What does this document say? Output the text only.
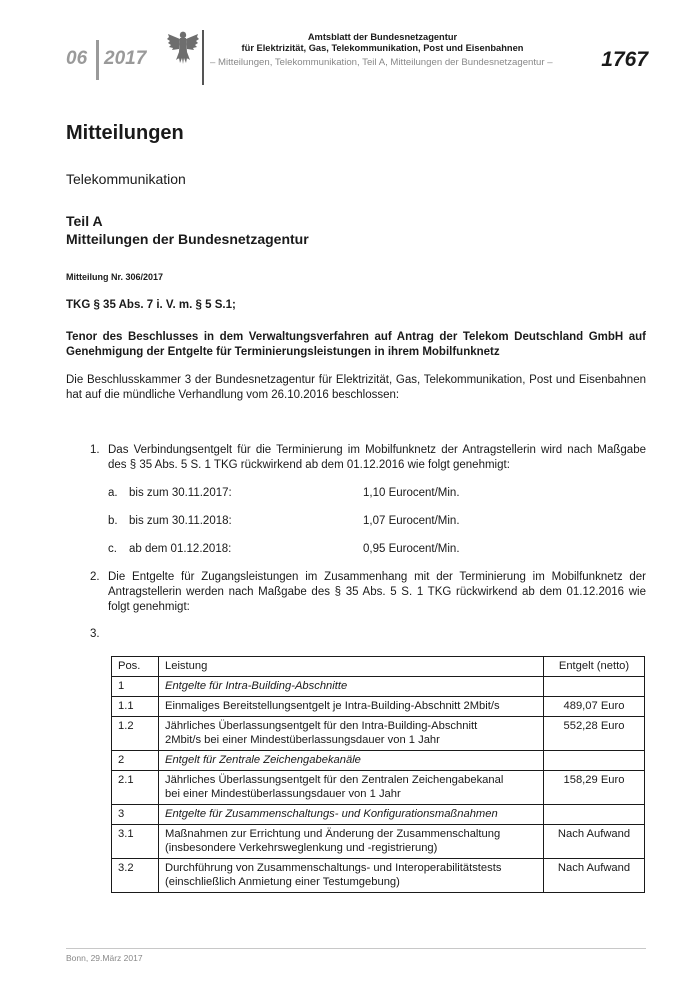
06 2017
Amtsblatt der Bundesnetzagentur
für Elektrizität, Gas, Telekommunikation, Post und Eisenbahnen
– Mitteilungen, Telekommunikation, Teil A, Mitteilungen der Bundesnetzagentur – 1767
Mitteilungen
Telekommunikation
Teil A
Mitteilungen der Bundesnetzagentur
Mitteilung Nr. 306/2017
TKG § 35 Abs. 7 i. V. m. § 5 S.1;
Tenor des Beschlusses in dem Verwaltungsverfahren auf Antrag der Telekom Deutschland GmbH auf Genehmigung der Entgelte für Terminierungsleistungen in ihrem Mobilfunknetz
Die Beschlusskammer 3 der Bundesnetzagentur für Elektrizität, Gas, Telekommunikation, Post und Eisenbahnen hat auf die mündliche Verhandlung vom 26.10.2016 beschlossen:
1. Das Verbindungsentgelt für die Terminierung im Mobilfunknetz der Antragstellerin wird nach Maßgabe des § 35 Abs. 5 S. 1 TKG rückwirkend ab dem 01.12.2016 wie folgt genehmigt:
a. bis zum 30.11.2017:	1,10 Eurocent/Min.
b. bis zum 30.11.2018:	1,07 Eurocent/Min.
c. ab dem 01.12.2018:	0,95 Eurocent/Min.
2. Die Entgelte für Zugangsleistungen im Zusammenhang mit der Terminierung im Mobilfunknetz der Antragstellerin werden nach Maßgabe des § 35 Abs. 5 S. 1 TKG rückwirkend ab dem 01.12.2016 wie folgt genehmigt:
3.
Pos.	Leistung	Entgelt (netto)
1	Entgelte für Intra-Building-Abschnitte	
1.1	Einmaliges Bereitstellungsentgelt je Intra-Building-Abschnitt 2Mbit/s	489,07 Euro
1.2	Jährliches Überlassungsentgelt für den Intra-Building-Abschnitt
2Mbit/s bei einer Mindestüberlassungsdauer von 1 Jahr	552,28 Euro
2	Entgelt für Zentrale Zeichengabekanäle	
2.1	Jährliches Überlassungsentgelt für den Zentralen Zeichengabekanal
bei einer Mindestüberlassungsdauer von 1 Jahr	158,29 Euro
3	Entgelte für Zusammenschaltungs- und Konfigurationsmaßnahmen	
3.1	Maßnahmen zur Errichtung und Änderung der Zusammenschaltung
(insbesondere Verkehrsweglenkung und -registrierung)	Nach Aufwand
3.2	Durchführung von Zusammenschaltungs- und Interoperabilitätstests
(einschließlich Anmietung einer Testumgebung)	Nach Aufwand
Bonn, 29.März 2017
